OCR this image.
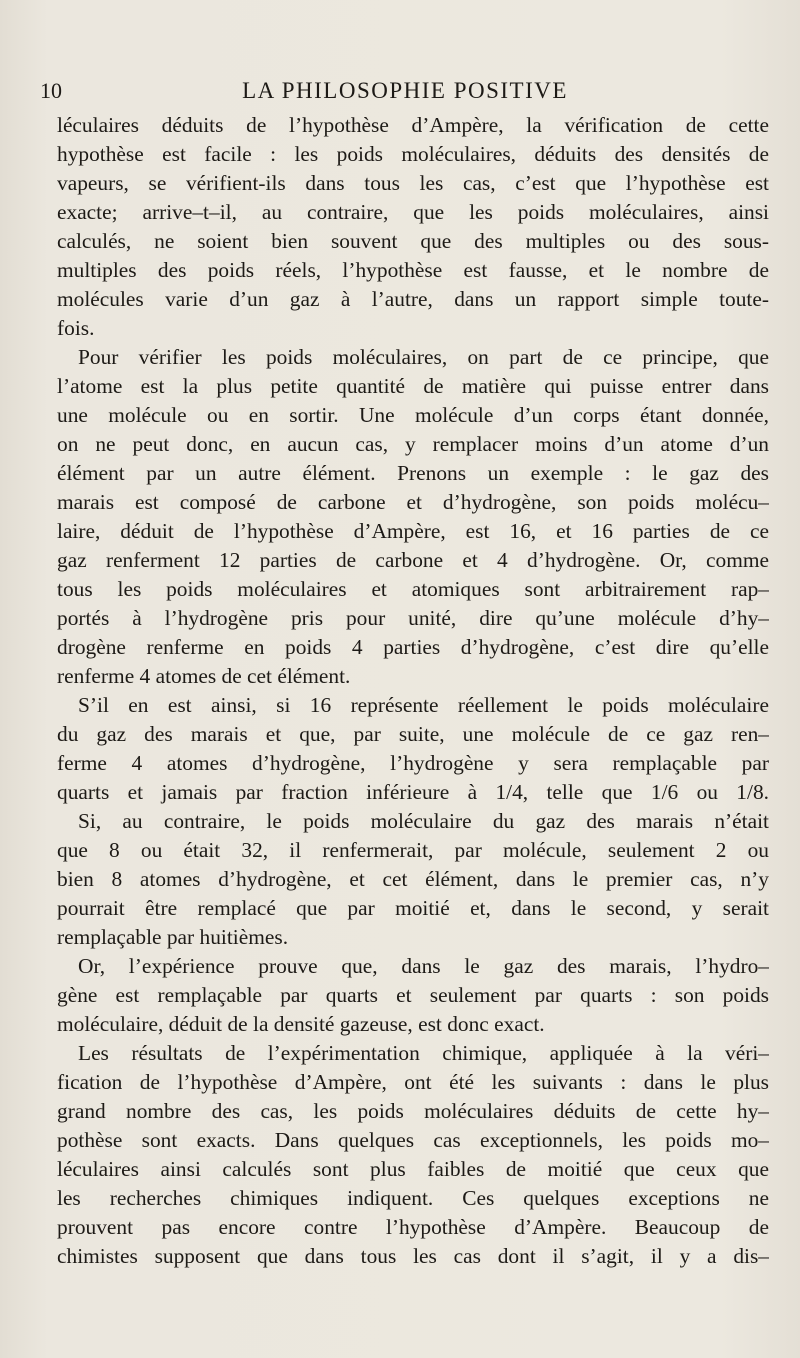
10	LA PHILOSOPHIE POSITIVE
léculaires déduits de l’hypothèse d’Ampère, la vérification de cette
hypothèse est facile : les poids moléculaires, déduits des densités de
vapeurs, se vérifient-ils dans tous les cas, c’est que l’hypothèse est
exacte; arrive–t–il, au contraire, que les poids moléculaires, ainsi
calculés, ne soient bien souvent que des multiples ou des sous-
multiples des poids réels, l’hypothèse est fausse, et le nombre de
molécules varie d’un gaz à l’autre, dans un rapport simple toute-
fois.
Pour vérifier les poids moléculaires, on part de ce principe, que
l’atome est la plus petite quantité de matière qui puisse entrer dans
une molécule ou en sortir. Une molécule d’un corps étant donnée,
on ne peut donc, en aucun cas, y remplacer moins d’un atome d’un
élément par un autre élément. Prenons un exemple : le gaz des
marais est composé de carbone et d’hydrogène, son poids molécu–
laire, déduit de l’hypothèse d’Ampère, est 16, et 16 parties de ce
gaz renferment 12 parties de carbone et 4 d’hydrogène. Or, comme
tous les poids moléculaires et atomiques sont arbitrairement rap–
portés à l’hydrogène pris pour unité, dire qu’une molécule d’hy–
drogène renferme en poids 4 parties d’hydrogène, c’est dire qu’elle
renferme 4 atomes de cet élément.
S’il en est ainsi, si 16 représente réellement le poids moléculaire
du gaz des marais et que, par suite, une molécule de ce gaz ren–
ferme 4 atomes d’hydrogène, l’hydrogène y sera remplaçable par
quarts et jamais par fraction inférieure à 1/4, telle que 1/6 ou 1/8.
Si, au contraire, le poids moléculaire du gaz des marais n’était
que 8 ou était 32, il renfermerait, par molécule, seulement 2 ou
bien 8 atomes d’hydrogène, et cet élément, dans le premier cas, n’y
pourrait être remplacé que par moitié et, dans le second, y serait
remplaçable par huitièmes.
Or, l’expérience prouve que, dans le gaz des marais, l’hydro–
gène est remplaçable par quarts et seulement par quarts : son poids
moléculaire, déduit de la densité gazeuse, est donc exact.
Les résultats de l’expérimentation chimique, appliquée à la véri–
fication de l’hypothèse d’Ampère, ont été les suivants : dans le plus
grand nombre des cas, les poids moléculaires déduits de cette hy–
pothèse sont exacts. Dans quelques cas exceptionnels, les poids mo–
léculaires ainsi calculés sont plus faibles de moitié que ceux que
les recherches chimiques indiquent. Ces quelques exceptions ne
prouvent pas encore contre l’hypothèse d’Ampère. Beaucoup de
chimistes supposent que dans tous les cas dont il s’agit, il y a dis–
